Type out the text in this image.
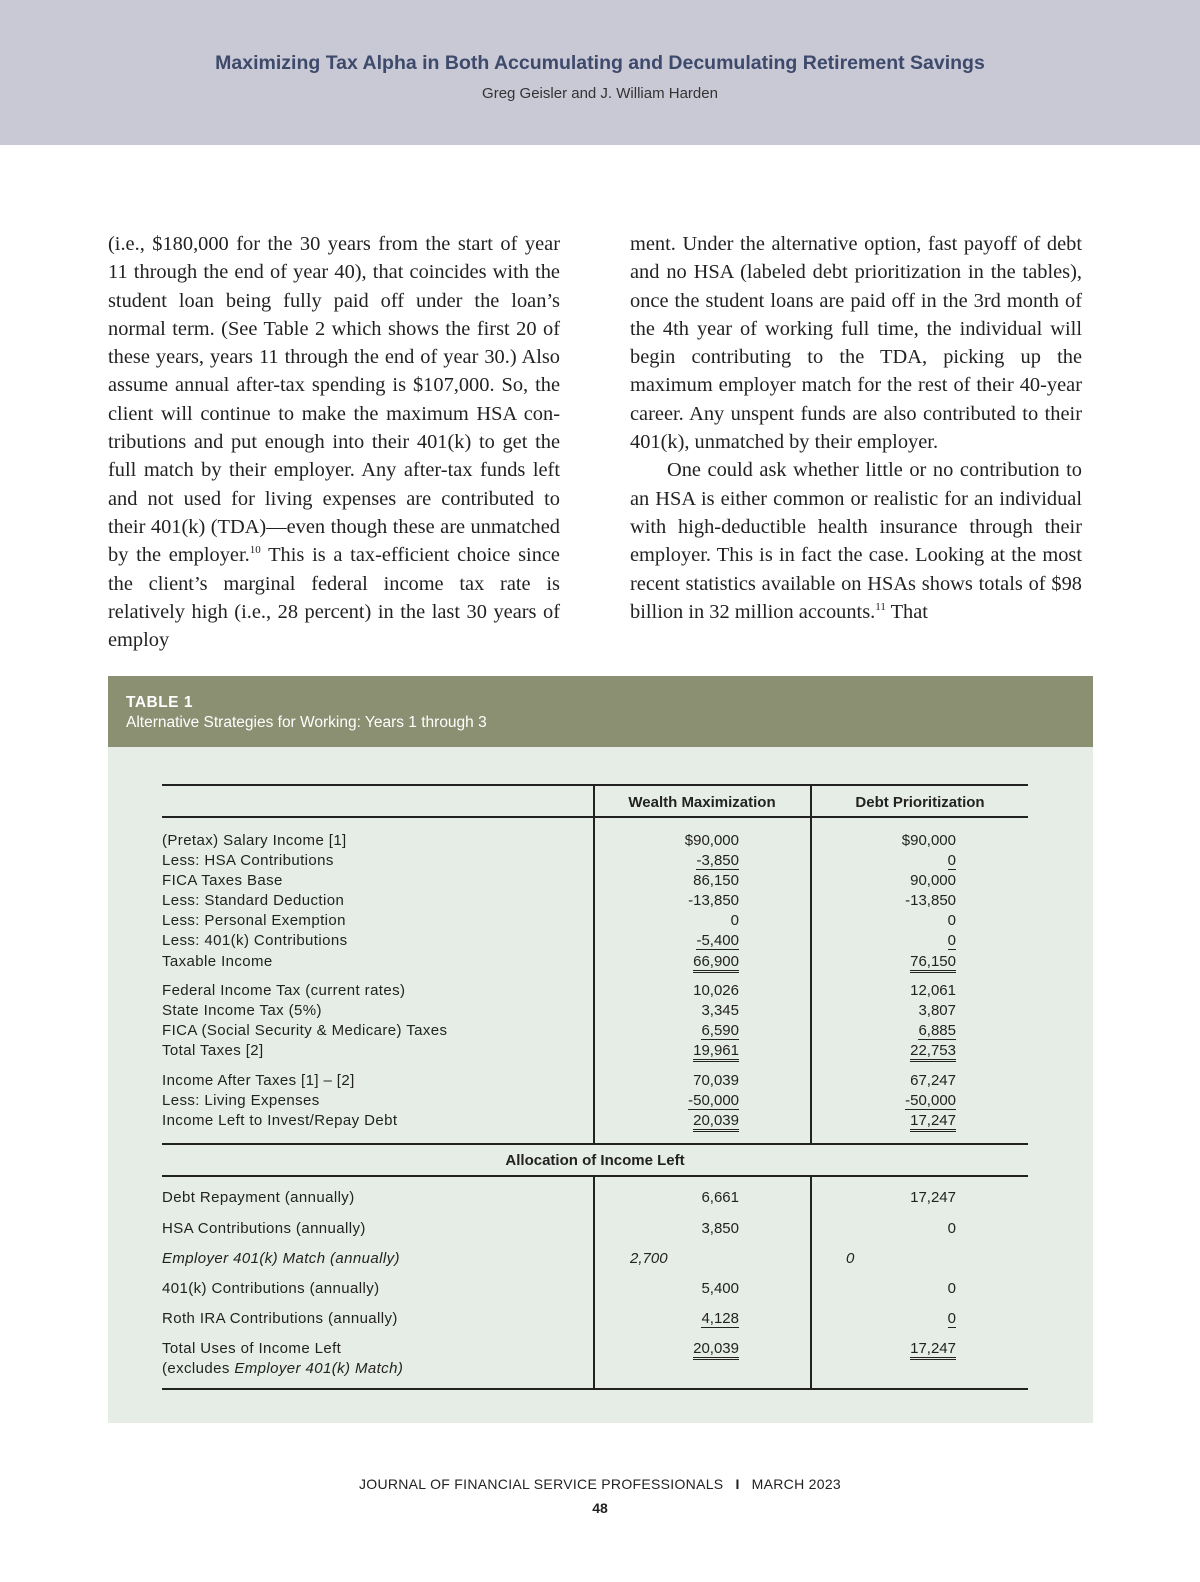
Maximizing Tax Alpha in Both Accumulating and Decumulating Retirement Savings
Greg Geisler and J. William Harden

(i.e., $180,000 for the 30 years from the start of year 11 through the end of year 40), that coincides with the student loan being fully paid off under the loan’s normal term. (See Table 2 which shows the first 20 of these years, years 11 through the end of year 30.) Also assume annual after-tax spending is $107,000. So, the client will continue to make the maximum HSA contributions and put enough into their 401(k) to get the full match by their employer. Any after-tax funds left and not used for living expenses are contributed to their 401(k) (TDA)—even though these are unmatched by the employer.$^{10}$ This is a tax-efficient choice since the client’s marginal federal income tax rate is relatively high (i.e., 28 percent) in the last 30 years of employ

ment. Under the alternative option, fast payoff of debt and no HSA (labeled debt prioritization in the tables), once the student loans are paid off in the 3rd month of the 4th year of working full time, the individual will begin contributing to the TDA, picking up the maximum employer match for the rest of their 40-year career. Any unspent funds are also contributed to their 401(k), unmatched by their employer.

One could ask whether little or no contribution to an HSA is either common or realistic for an individual with high-deductible health insurance through their employer. This is in fact the case. Looking at the most recent statistics available on HSAs shows totals of $98 billion in 32 million accounts.$^{11}$ That

TABLE 1
Alternative Strategies for Working: Years 1 through 3
Wealth Maximization	Debt Prioritization
(Pretax) Salary Income [1]
Less: HSA Contributions
FICA Taxes Base
Less: Standard Deduction
Less: Personal Exemption
Less: 401(k) Contributions
Taxable Income
$90,000
-3,850
86,150
-13,850
0
-5,400
66,900
$90,000
0
90,000
-13,850
0
0
76,150
Federal Income Tax (current rates)
State Income Tax (5%)
FICA (Social Security & Medicare) Taxes
Total Taxes [2]
10,026
3,345
6,590
19,961
12,061
3,807
6,885
22,753
Income After Taxes [1] – [2]
Less: Living Expenses
Income Left to Invest/Repay Debt
70,039
-50,000
20,039
67,247
-50,000
17,247
Allocation of Income Left
Debt Repayment (annually)
HSA Contributions (annually)
Employer 401(k) Match (annually)
401(k) Contributions (annually)
Roth IRA Contributions (annually)
Total Uses of Income Left
(excludes Employer 401(k) Match)
6,661
3,850
2,700
5,400
4,128
20,039
17,247
0
0
0
0
17,247
JOURNAL OF FINANCIAL SERVICE PROFESSIONALS I MARCH 2023
48
